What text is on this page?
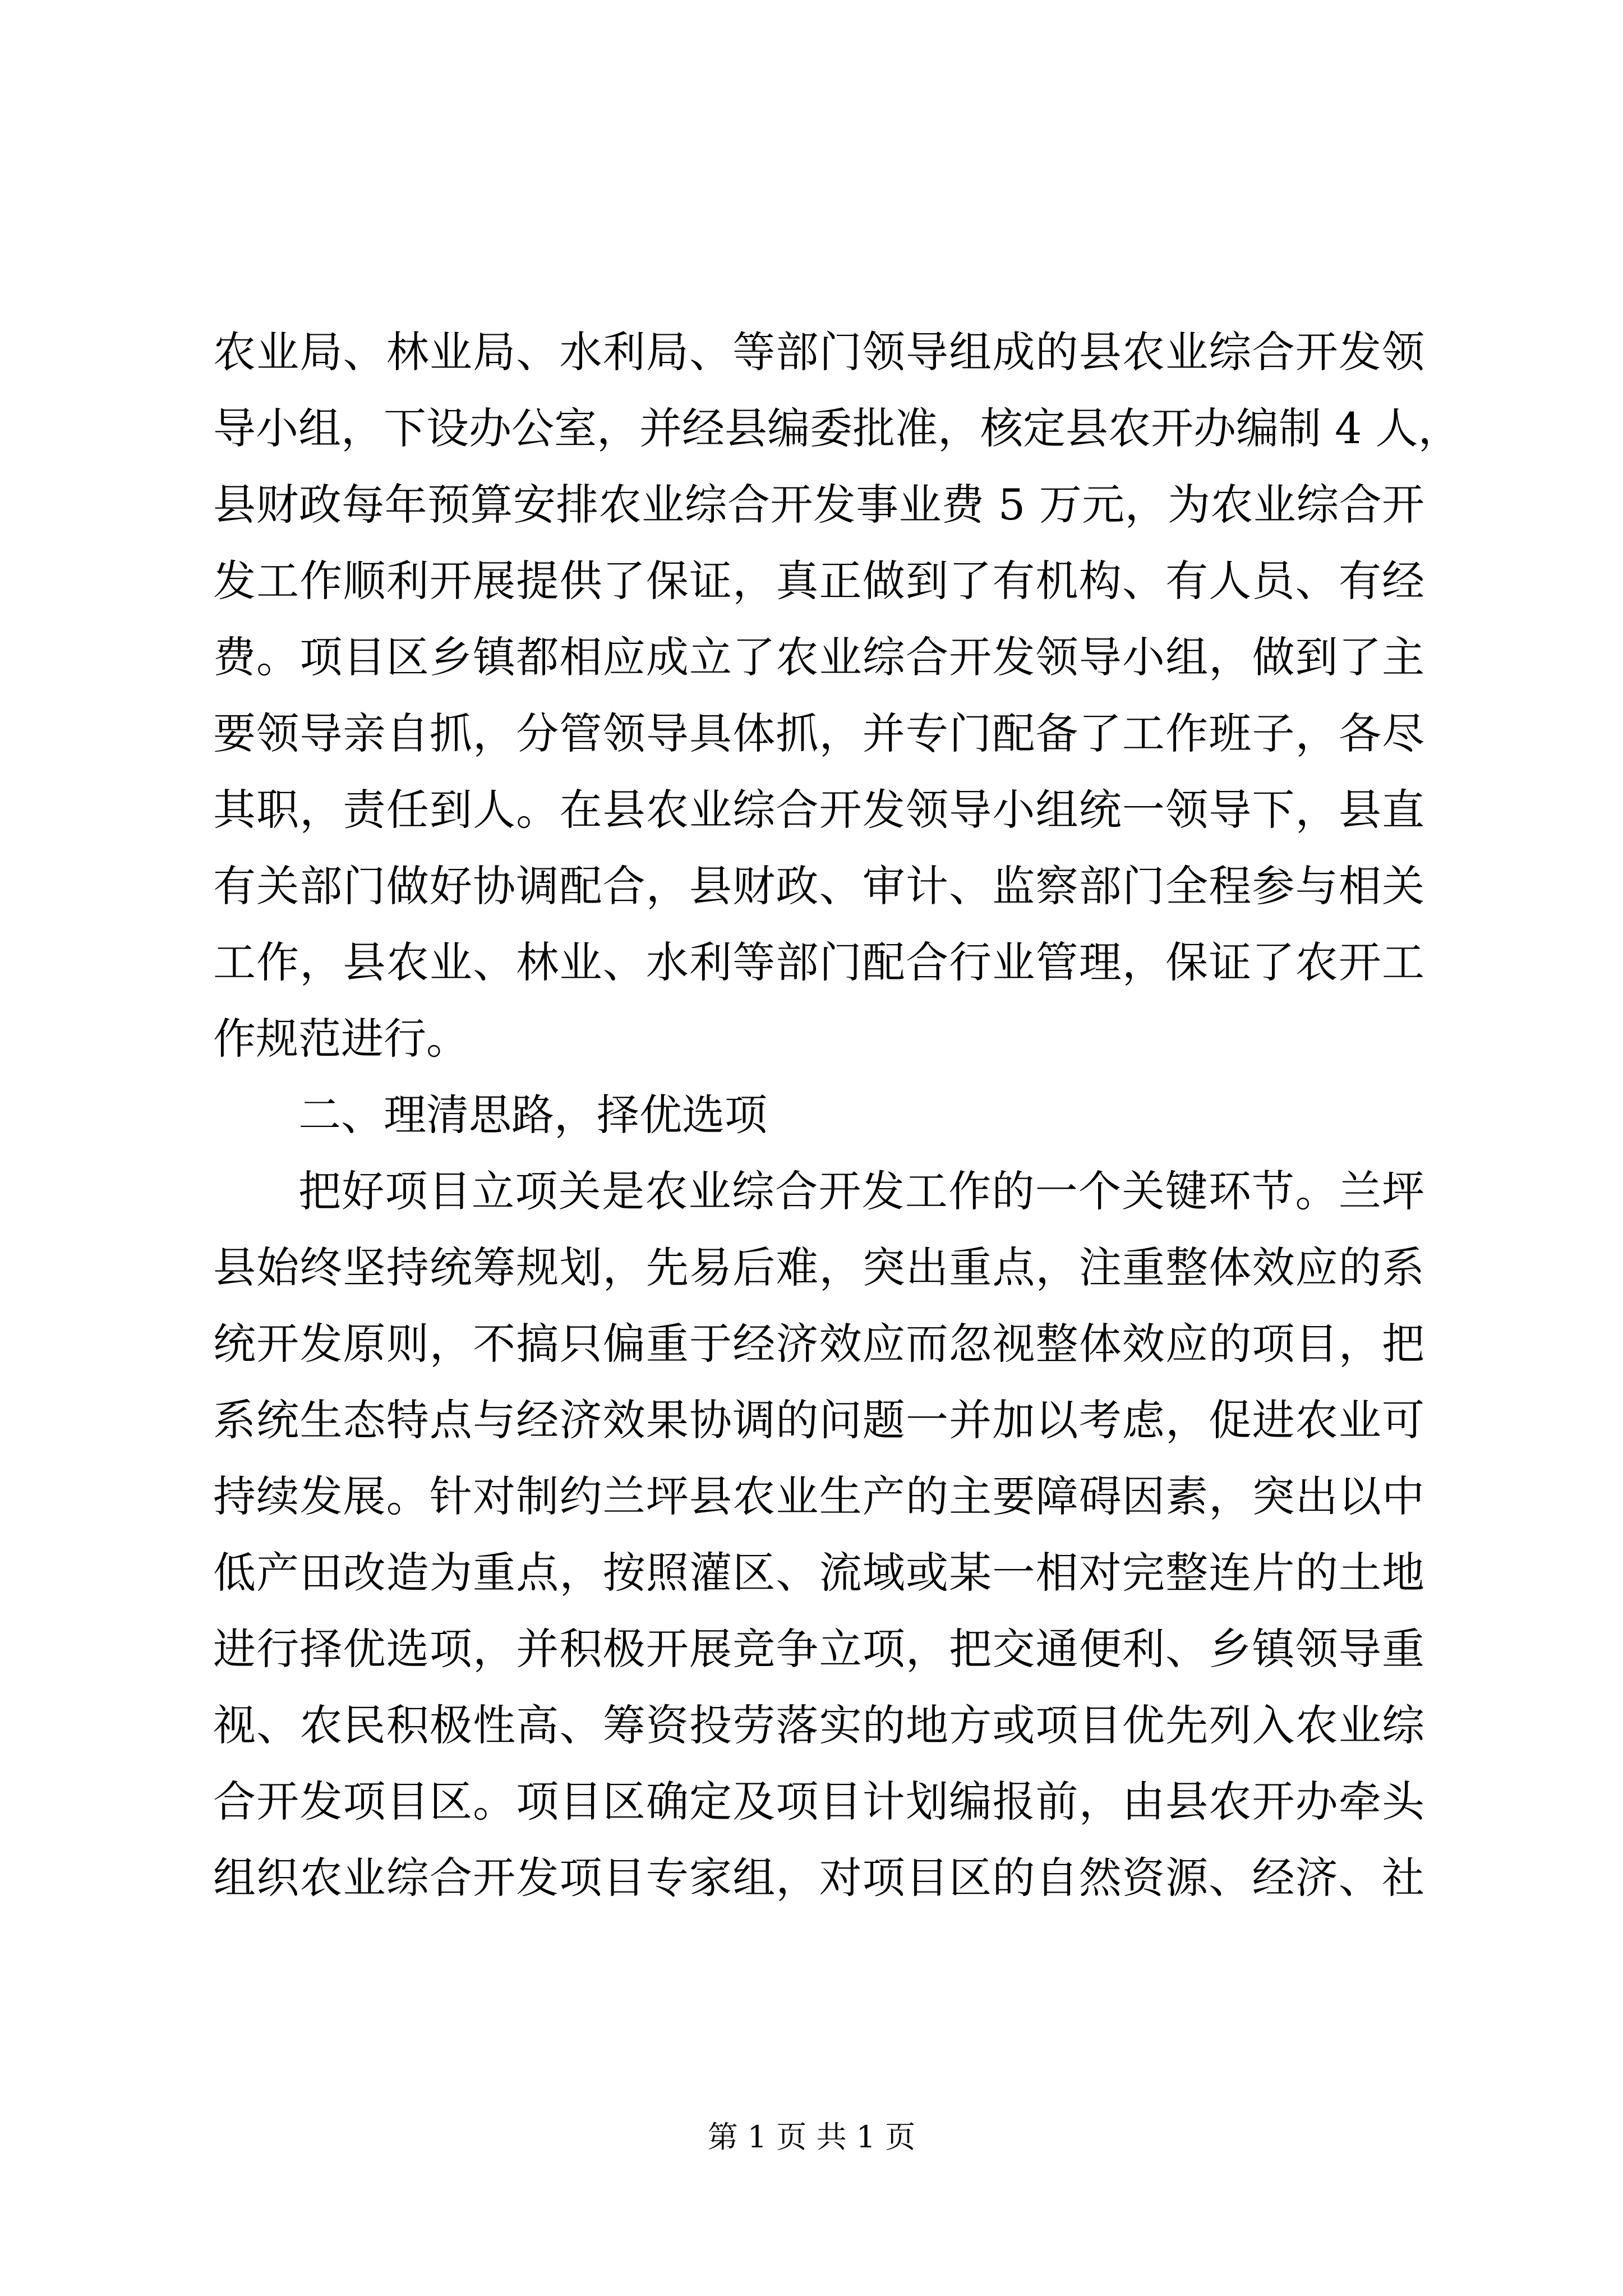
农业局、林业局、水利局、等部门领导组成的县农业综合开发领
导小组，下设办公室，并经县编委批准，核定县农开办编制 4 人，
县财政每年预算安排农业综合开发事业费 5 万元，为农业综合开
发工作顺利开展提供了保证，真正做到了有机构、有人员、有经
费。项目区乡镇都相应成立了农业综合开发领导小组，做到了主
要领导亲自抓，分管领导具体抓，并专门配备了工作班子，各尽
其职，责任到人。在县农业综合开发领导小组统一领导下，县直
有关部门做好协调配合，县财政、审计、监察部门全程参与相关
工作，县农业、林业、水利等部门配合行业管理，保证了农开工
作规范进行。
二、理清思路，择优选项
把好项目立项关是农业综合开发工作的一个关键环节。兰坪
县始终坚持统筹规划，先易后难，突出重点，注重整体效应的系
统开发原则，不搞只偏重于经济效应而忽视整体效应的项目，把
系统生态特点与经济效果协调的问题一并加以考虑，促进农业可
持续发展。针对制约兰坪县农业生产的主要障碍因素，突出以中
低产田改造为重点，按照灌区、流域或某一相对完整连片的土地
进行择优选项，并积极开展竞争立项，把交通便利、乡镇领导重
视、农民积极性高、筹资投劳落实的地方或项目优先列入农业综
合开发项目区。项目区确定及项目计划编报前，由县农开办牵头
组织农业综合开发项目专家组，对项目区的自然资源、经济、社
第 1 页 共 1 页
